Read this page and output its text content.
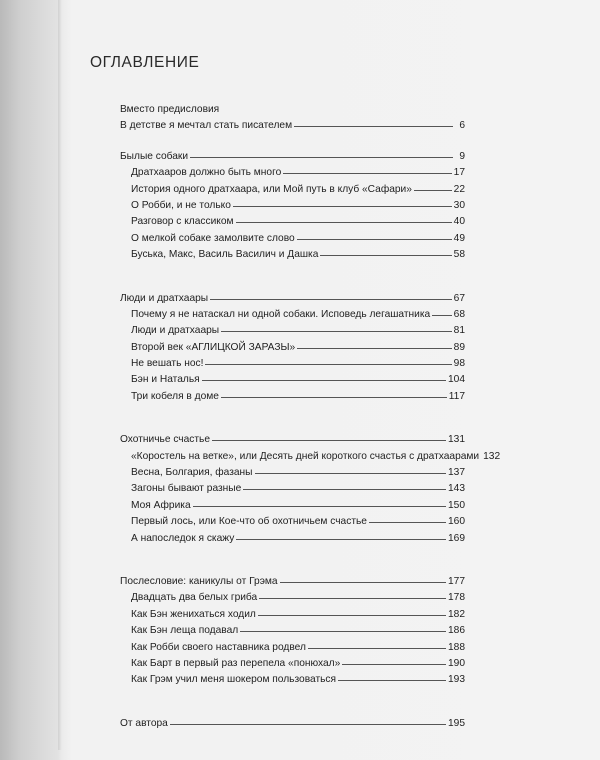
ОГЛАВЛЕНИЕ
Вместо предисловия
В детстве я мечтал стать писателем	6
Былые собаки	9
Дратхааров должно быть много	17
История одного дратхаара, или Мой путь в клуб «Сафари»	22
О Робби, и не только	30
Разговор с классиком	40
О мелкой собаке замолвите слово	49
Буська, Макс, Василь Василич и Дашка	58
Люди и дратхаары	67
Почему я не натаскал ни одной собаки. Исповедь легашатника 68
Люди и дратхаары	81
Второй век «АГЛИЦКОЙ ЗАРАЗЫ»	89
Не вешать нос!	98
Бэн и Наталья	104
Три кобеля в доме	117
Охотничье счастье	131
«Коростель на ветке», или Десять дней короткого счастья с дратхаарами 132
Весна, Болгария, фазаны	137
Загоны бывают разные	143
Моя Африка	150
Первый лось, или Кое-что об охотничьем счастье	160
А напоследок я скажу	169
Послесловие: каникулы от Грэма	177
Двадцать два белых гриба	178
Как Бэн женихаться ходил	182
Как Бэн леща подавал	186
Как Робби своего наставника родвел	188
Как Барт в первый раз перепела «понюхал»	190
Как Грэм учил меня шокером пользоваться	193
От автора	195
